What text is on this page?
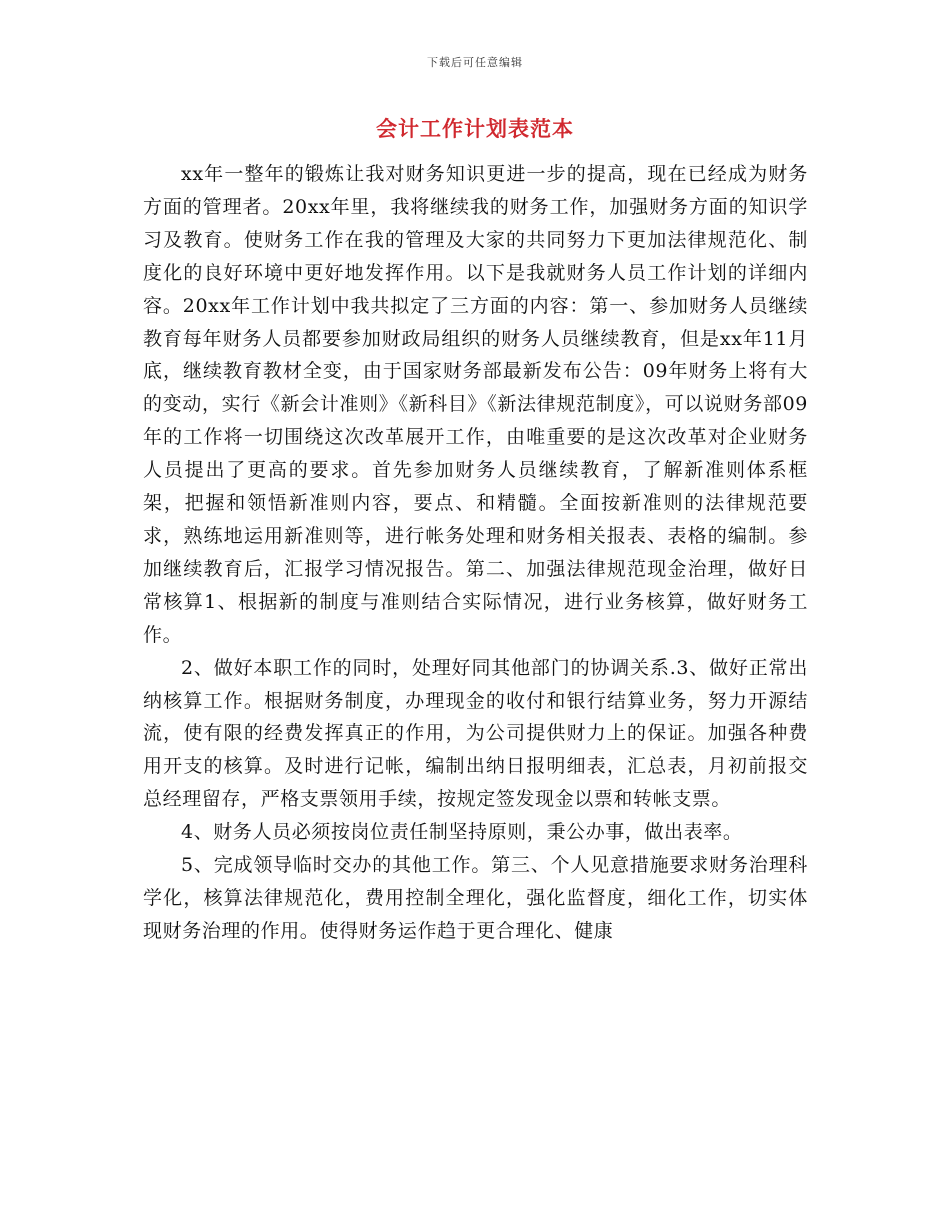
下载后可任意编辑
会计工作计划表范本

xx年一整年的锻炼让我对财务知识更进一步的提高，现在已经成为财务方面的管理者。20xx年里，我将继续我的财务工作，加强财务方面的知识学习及教育。使财务工作在我的管理及大家的共同努力下更加法律规范化、制度化的良好环境中更好地发挥作用。以下是我就财务人员工作计划的详细内容。20xx年工作计划中我共拟定了三方面的内容：第一、参加财务人员继续教育每年财务人员都要参加财政局组织的财务人员继续教育，但是xx年11月底，继续教育教材全变，由于国家财务部最新发布公告：09年财务上将有大的变动，实行《新会计准则》《新科目》《新法律规范制度》，可以说财务部09年的工作将一切围绕这次改革展开工作，由唯重要的是这次改革对企业财务人员提出了更高的要求。首先参加财务人员继续教育，了解新准则体系框架，把握和领悟新准则内容，要点、和精髓。全面按新准则的法律规范要求，熟练地运用新准则等，进行帐务处理和财务相关报表、表格的编制。参加继续教育后，汇报学习情况报告。第二、加强法律规范现金治理，做好日常核算1、根据新的制度与准则结合实际情况，进行业务核算，做好财务工作。

2、做好本职工作的同时，处理好同其他部门的协调关系.3、做好正常出纳核算工作。根据财务制度，办理现金的收付和银行结算业务，努力开源结流，使有限的经费发挥真正的作用，为公司提供财力上的保证。加强各种费用开支的核算。及时进行记帐，编制出纳日报明细表，汇总表，月初前报交总经理留存，严格支票领用手续，按规定签发现金以票和转帐支票。

4、财务人员必须按岗位责任制坚持原则，秉公办事，做出表率。

5、完成领导临时交办的其他工作。第三、个人见意措施要求财务治理科学化，核算法律规范化，费用控制全理化，强化监督度，细化工作，切实体现财务治理的作用。使得财务运作趋于更合理化、健康
